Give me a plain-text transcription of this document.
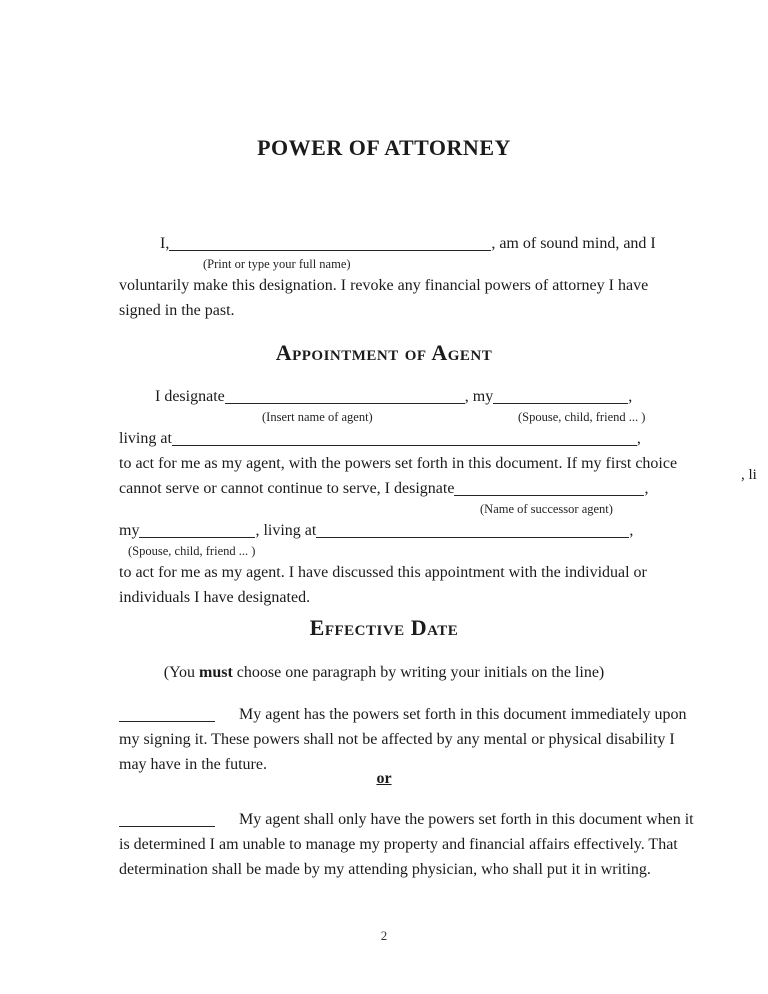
POWER OF ATTORNEY
I,	, am of sound mind, and I
(Print or type your full name)
voluntarily make this designation. I revoke any financial powers of attorney I have
signed in the past.
Appointment of Agent
I designate	, my	,
(Insert name of agent)	(Spouse, child, friend ... )
living at	,
to act for me as my agent, with the powers set forth in this document. If my first choice
cannot serve or cannot continue to serve, I designate	,
(Name of successor agent)
my	, living at	,
(Spouse, child, friend ... )
to act for me as my agent. I have discussed this appointment with the individual or
individuals I have designated.
, li
Effective Date
(You must choose one paragraph by writing your initials on the line)
My agent has the powers set forth in this document immediately upon
my signing it. These powers shall not be affected by any mental or physical disability I
may have in the future.
or
My agent shall only have the powers set forth in this document when it
is determined I am unable to manage my property and financial affairs effectively. That
determination shall be made by my attending physician, who shall put it in writing.
2
